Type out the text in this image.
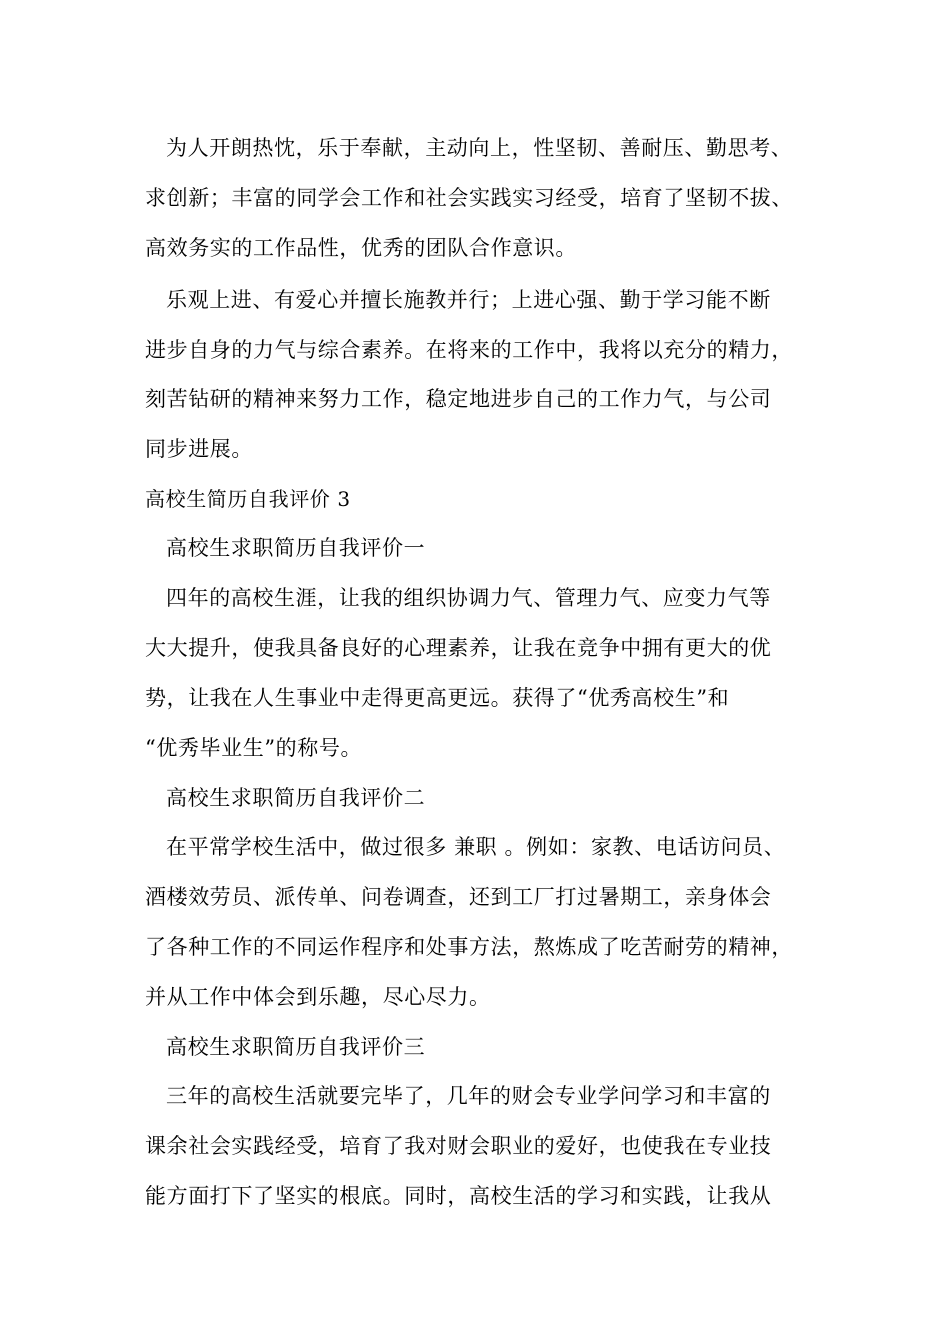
为人开朗热忱，乐于奉献，主动向上，性坚韧、善耐压、勤思考、
求创新；丰富的同学会工作和社会实践实习经受，培育了坚韧不拔、
高效务实的工作品性，优秀的团队合作意识。
乐观上进、有爱心并擅长施教并行；上进心强、勤于学习能不断
进步自身的力气与综合素养。在将来的工作中，我将以充分的精力，
刻苦钻研的精神来努力工作，稳定地进步自己的工作力气，与公司
同步进展。
高校生简历自我评价 3
高校生求职简历自我评价一
四年的高校生涯，让我的组织协调力气、管理力气、应变力气等
大大提升，使我具备良好的心理素养，让我在竞争中拥有更大的优
势，让我在人生事业中走得更高更远。获得了“优秀高校生”和
“优秀毕业生”的称号。
高校生求职简历自我评价二
在平常学校生活中，做过很多 兼职 。例如：家教、电话访问员、
酒楼效劳员、派传单、问卷调查，还到工厂打过暑期工，亲身体会
了各种工作的不同运作程序和处事方法，熬炼成了吃苦耐劳的精神，
并从工作中体会到乐趣，尽心尽力。
高校生求职简历自我评价三
三年的高校生活就要完毕了，几年的财会专业学问学习和丰富的
课余社会实践经受，培育了我对财会职业的爱好，也使我在专业技
能方面打下了坚实的根底。同时，高校生活的学习和实践，让我从
